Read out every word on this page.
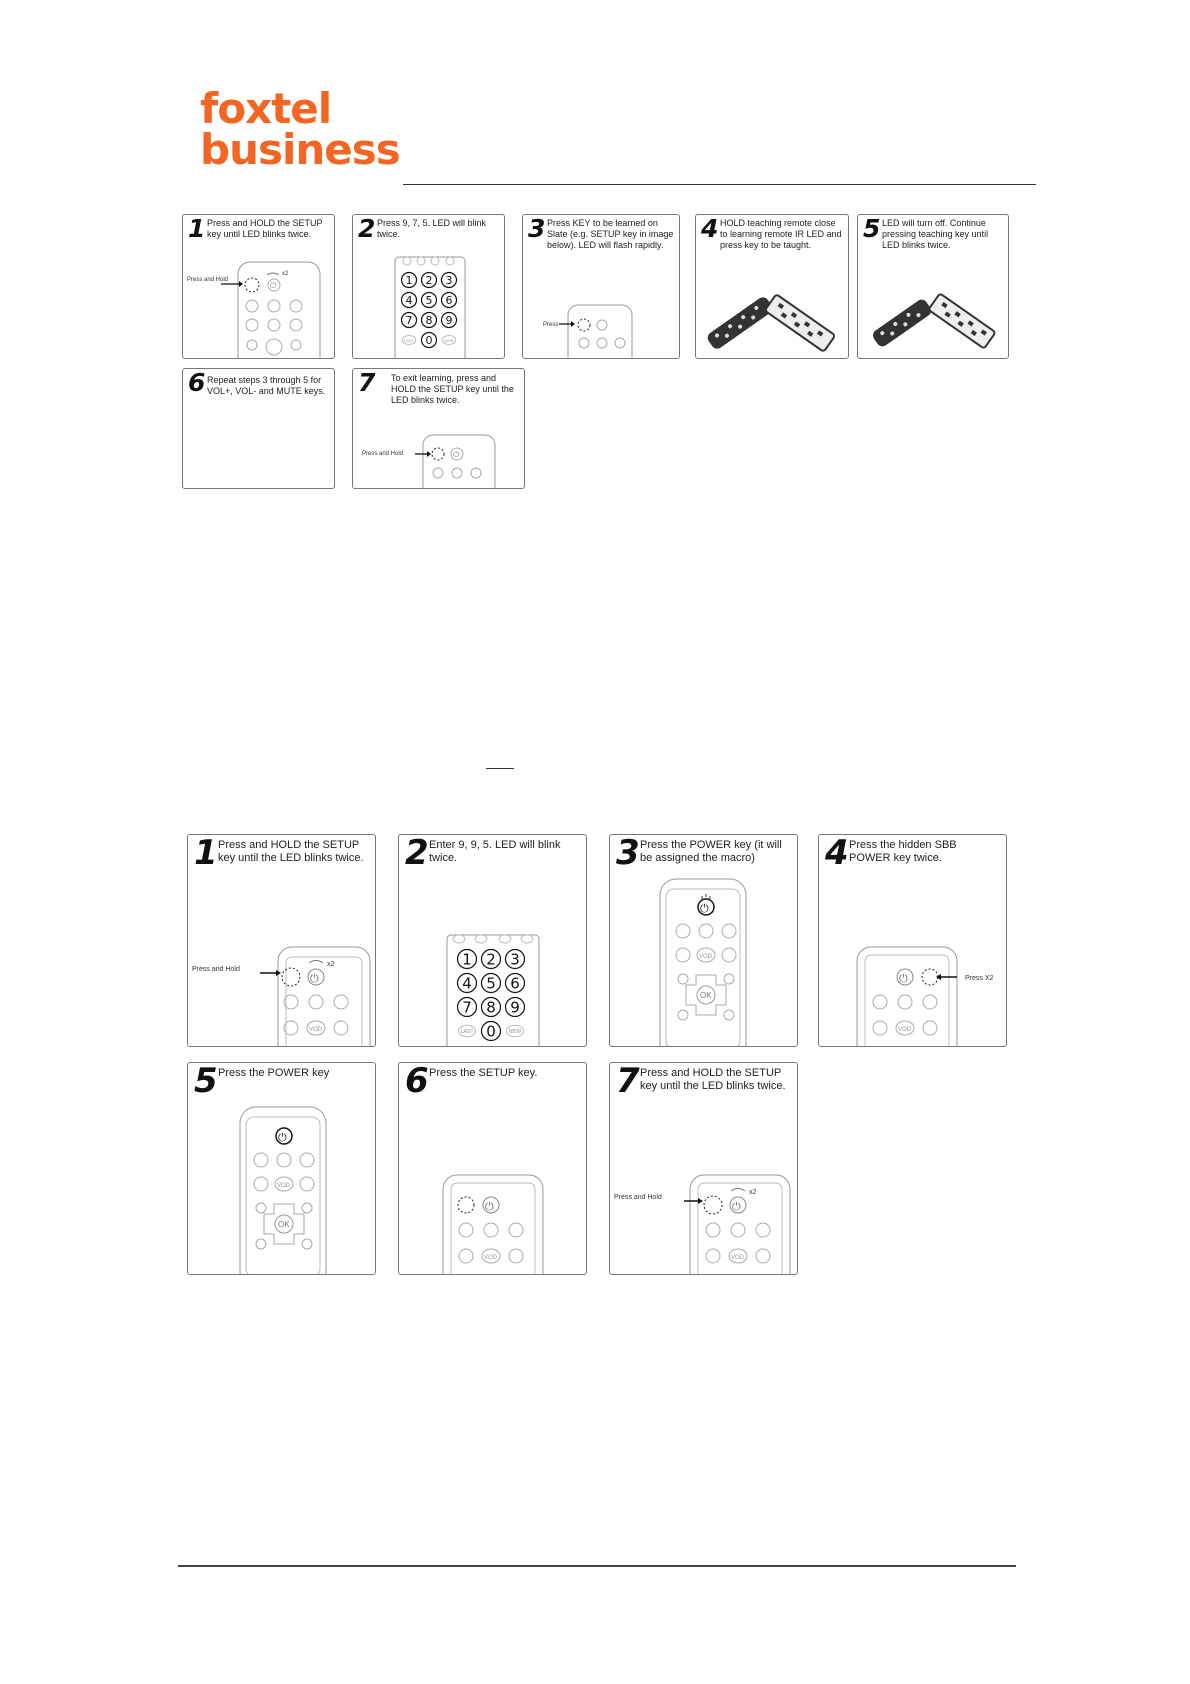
foxtel
business
1 Press and HOLD the SETUP key until LED blinks twice.
Press and Hold
⏻
x2
2 Press 9, 7, 5. LED will blink twice.
1 2 3
4 5 6
7 8 9
0
LAST	NEW
3 Press KEY to be learned on Slate (e.g. SETUP key in image below). LED will flash rapidly.
Press
4 HOLD teaching remote close to learning remote IR LED and press key to be taught.
5 LED will turn off. Continue pressing teaching key until LED blinks twice.
6 Repeat steps 3 through 5 for VOL+, VOL- and MUTE keys. 7 To exit learning, press and HOLD the SETUP key until the LED blinks twice.
Press and Hold	⏻
1 Press and HOLD the SETUP key until the LED blinks twice.
Press and Hold
⏻
x2
VOD
2 Enter 9, 9, 5. LED will blink twice.
1 2 3
4 5 6
7 8 9
0
LAST	NEW
3 Press the POWER key (it will be assigned the macro)
⏻
VOD
OK
4 Press the hidden SBB POWER key twice.
⏻	Press X2
VOD
5 Press the POWER key
⏻
VOD
OK
6 Press the SETUP key.
⏻
VOD
7 Press and HOLD the SETUP key until the LED blinks twice.
Press and Hold
⏻
x2
VOD
